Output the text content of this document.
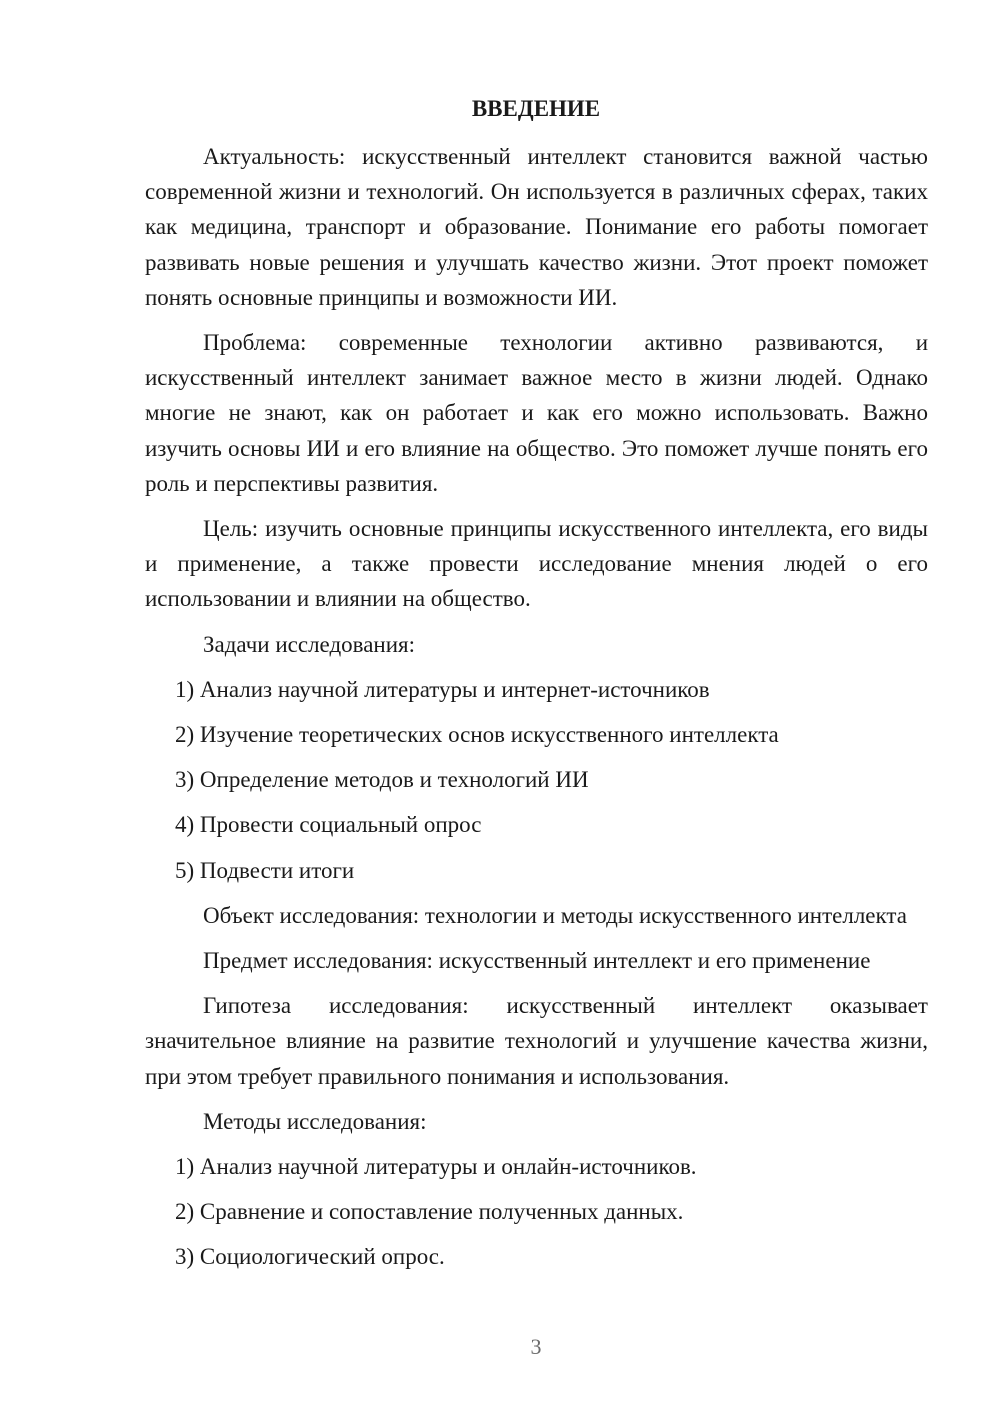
ВВЕДЕНИЕ

Актуальность: искусственный интеллект становится важной частью современной жизни и технологий. Он используется в различных сферах, таких как медицина, транспорт и образование. Понимание его работы помогает развивать новые решения и улучшать качество жизни. Этот проект поможет понять основные принципы и возможности ИИ.

Проблема: современные технологии активно развиваются, и искусственный интеллект занимает важное место в жизни людей. Однако многие не знают, как он работает и как его можно использовать. Важно изучить основы ИИ и его влияние на общество. Это поможет лучше понять его роль и перспективы развития.

Цель: изучить основные принципы искусственного интеллекта, его виды и применение, а также провести исследование мнения людей о его использовании и влиянии на общество.

Задачи исследования:

1) Анализ научной литературы и интернет-источников
2) Изучение теоретических основ искусственного интеллекта
3) Определение методов и технологий ИИ
4) Провести социальный опрос
5) Подвести итоги

Объект исследования: технологии и методы искусственного интеллекта

Предмет исследования: искусственный интеллект и его применение

Гипотеза исследования: искусственный интеллект оказывает значительное влияние на развитие технологий и улучшение качества жизни, при этом требует правильного понимания и использования.

Методы исследования:

1) Анализ научной литературы и онлайн-источников.
2) Сравнение и сопоставление полученных данных.
3) Социологический опрос.
3
